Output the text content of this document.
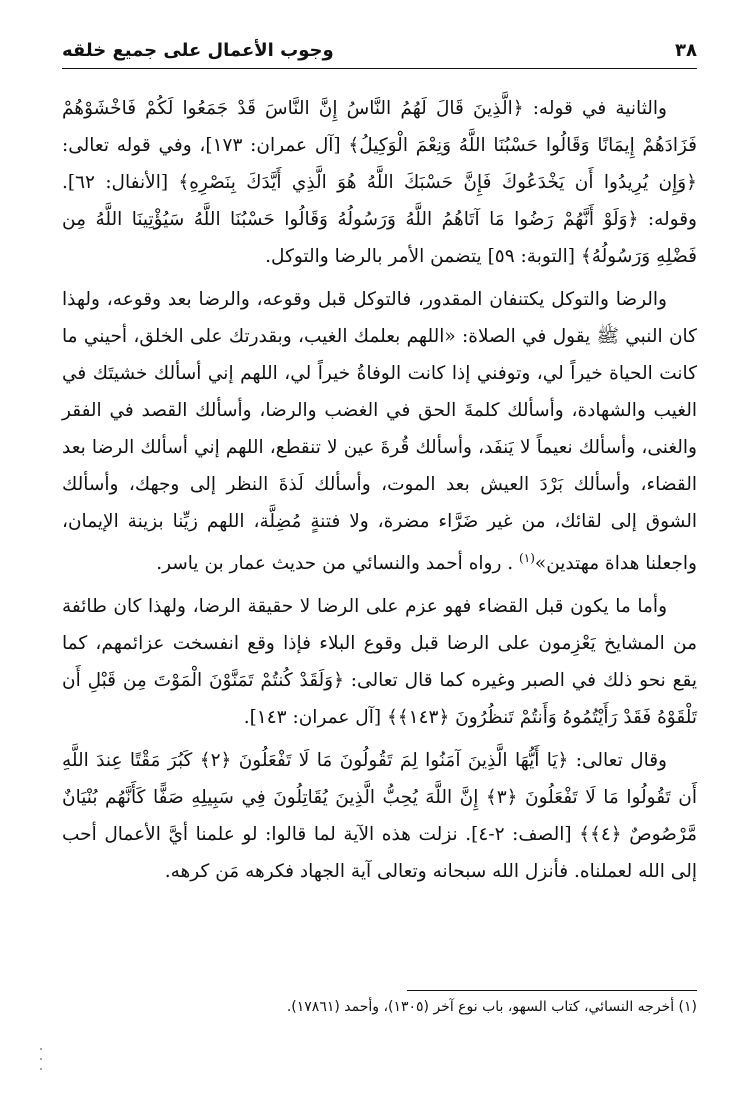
٣٨
وجوب الأعمال على جميع خلقه

والثانية في قوله: ﴿الَّذِينَ قَالَ لَهُمُ النَّاسُ إِنَّ النَّاسَ قَدْ جَمَعُوا لَكُمْ فَاخْشَوْهُمْ فَزَادَهُمْ إِيمَانًا وَقَالُوا حَسْبُنَا اللَّهُ وَنِعْمَ الْوَكِيلُ﴾ [آل عمران: ١٧٣]، وفي قوله تعالى: ﴿وَإِن يُرِيدُوا أَن يَخْدَعُوكَ فَإِنَّ حَسْبَكَ اللَّهُ هُوَ الَّذِي أَيَّدَكَ بِنَصْرِهِ﴾ [الأنفال: ٦٢]. وقوله: ﴿وَلَوْ أَنَّهُمْ رَضُوا مَا آتَاهُمُ اللَّهُ وَرَسُولُهُ وَقَالُوا حَسْبُنَا اللَّهُ سَيُؤْتِينَا اللَّهُ مِن فَضْلِهِ وَرَسُولُهُ﴾ [التوبة: ٥٩] يتضمن الأمر بالرضا والتوكل.

والرضا والتوكل يكتنفان المقدور، فالتوكل قبل وقوعه، والرضا بعد وقوعه، ولهذا كان النبي ﷺ يقول في الصلاة: «اللهم بعلمك الغيب، وبقدرتك على الخلق، أحيني ما كانت الحياة خيراً لي، وتوفني إذا كانت الوفاةُ خيراً لي، اللهم إني أسألك خشيتَك في الغيب والشهادة، وأسألك كلمةَ الحق في الغضب والرضا، وأسألك القصد في الفقر والغنى، وأسألك نعيماً لا يَنفَد، وأسألك قُرةَ عين لا تنقطع، اللهم إني أسألك الرضا بعد القضاء، وأسألك بَرْدَ العيش بعد الموت، وأسألك لَذةَ النظر إلى وجهك، وأسألك الشوق إلى لقائك، من غير ضَرَّاء مضرة، ولا فتنةٍ مُضِلَّة، اللهم زيِّنا بزينة الإيمان، واجعلنا هداة مهتدين»$^{(١)}$ . رواه أحمد والنسائي من حديث عمار بن ياسر.

وأما ما يكون قبل القضاء فهو عزم على الرضا لا حقيقة الرضا، ولهذا كان طائفة من المشايخ يَعْزِمون على الرضا قبل وقوع البلاء فإذا وقع انفسخت عزائمهم، كما يقع نحو ذلك في الصبر وغيره كما قال تعالى: ﴿وَلَقَدْ كُنتُمْ تَمَنَّوْنَ الْمَوْتَ مِن قَبْلِ أَن تَلْقَوْهُ فَقَدْ رَأَيْتُمُوهُ وَأَنتُمْ تَنظُرُونَ ﴿١٤٣﴾﴾ [آل عمران: ١٤٣].

وقال تعالى: ﴿يَا أَيُّهَا الَّذِينَ آمَنُوا لِمَ تَقُولُونَ مَا لَا تَفْعَلُونَ ﴿٢﴾ كَبُرَ مَقْتًا عِندَ اللَّهِ أَن تَقُولُوا مَا لَا تَفْعَلُونَ ﴿٣﴾ إِنَّ اللَّهَ يُحِبُّ الَّذِينَ يُقَاتِلُونَ فِي سَبِيلِهِ صَفًّا كَأَنَّهُم بُنْيَانٌ مَّرْصُوصٌ ﴿٤﴾﴾ [الصف: ٢-٤]. نزلت هذه الآية لما قالوا: لو علمنا أيَّ الأعمال أحب إلى الله لعملناه. فأنزل الله سبحانه وتعالى آية الجهاد فكرهه مَن كرهه.

(١) أخرجه النسائي، كتاب السهو، باب نوع آخر (١٣٠٥)، وأحمد (١٧٨٦١).
